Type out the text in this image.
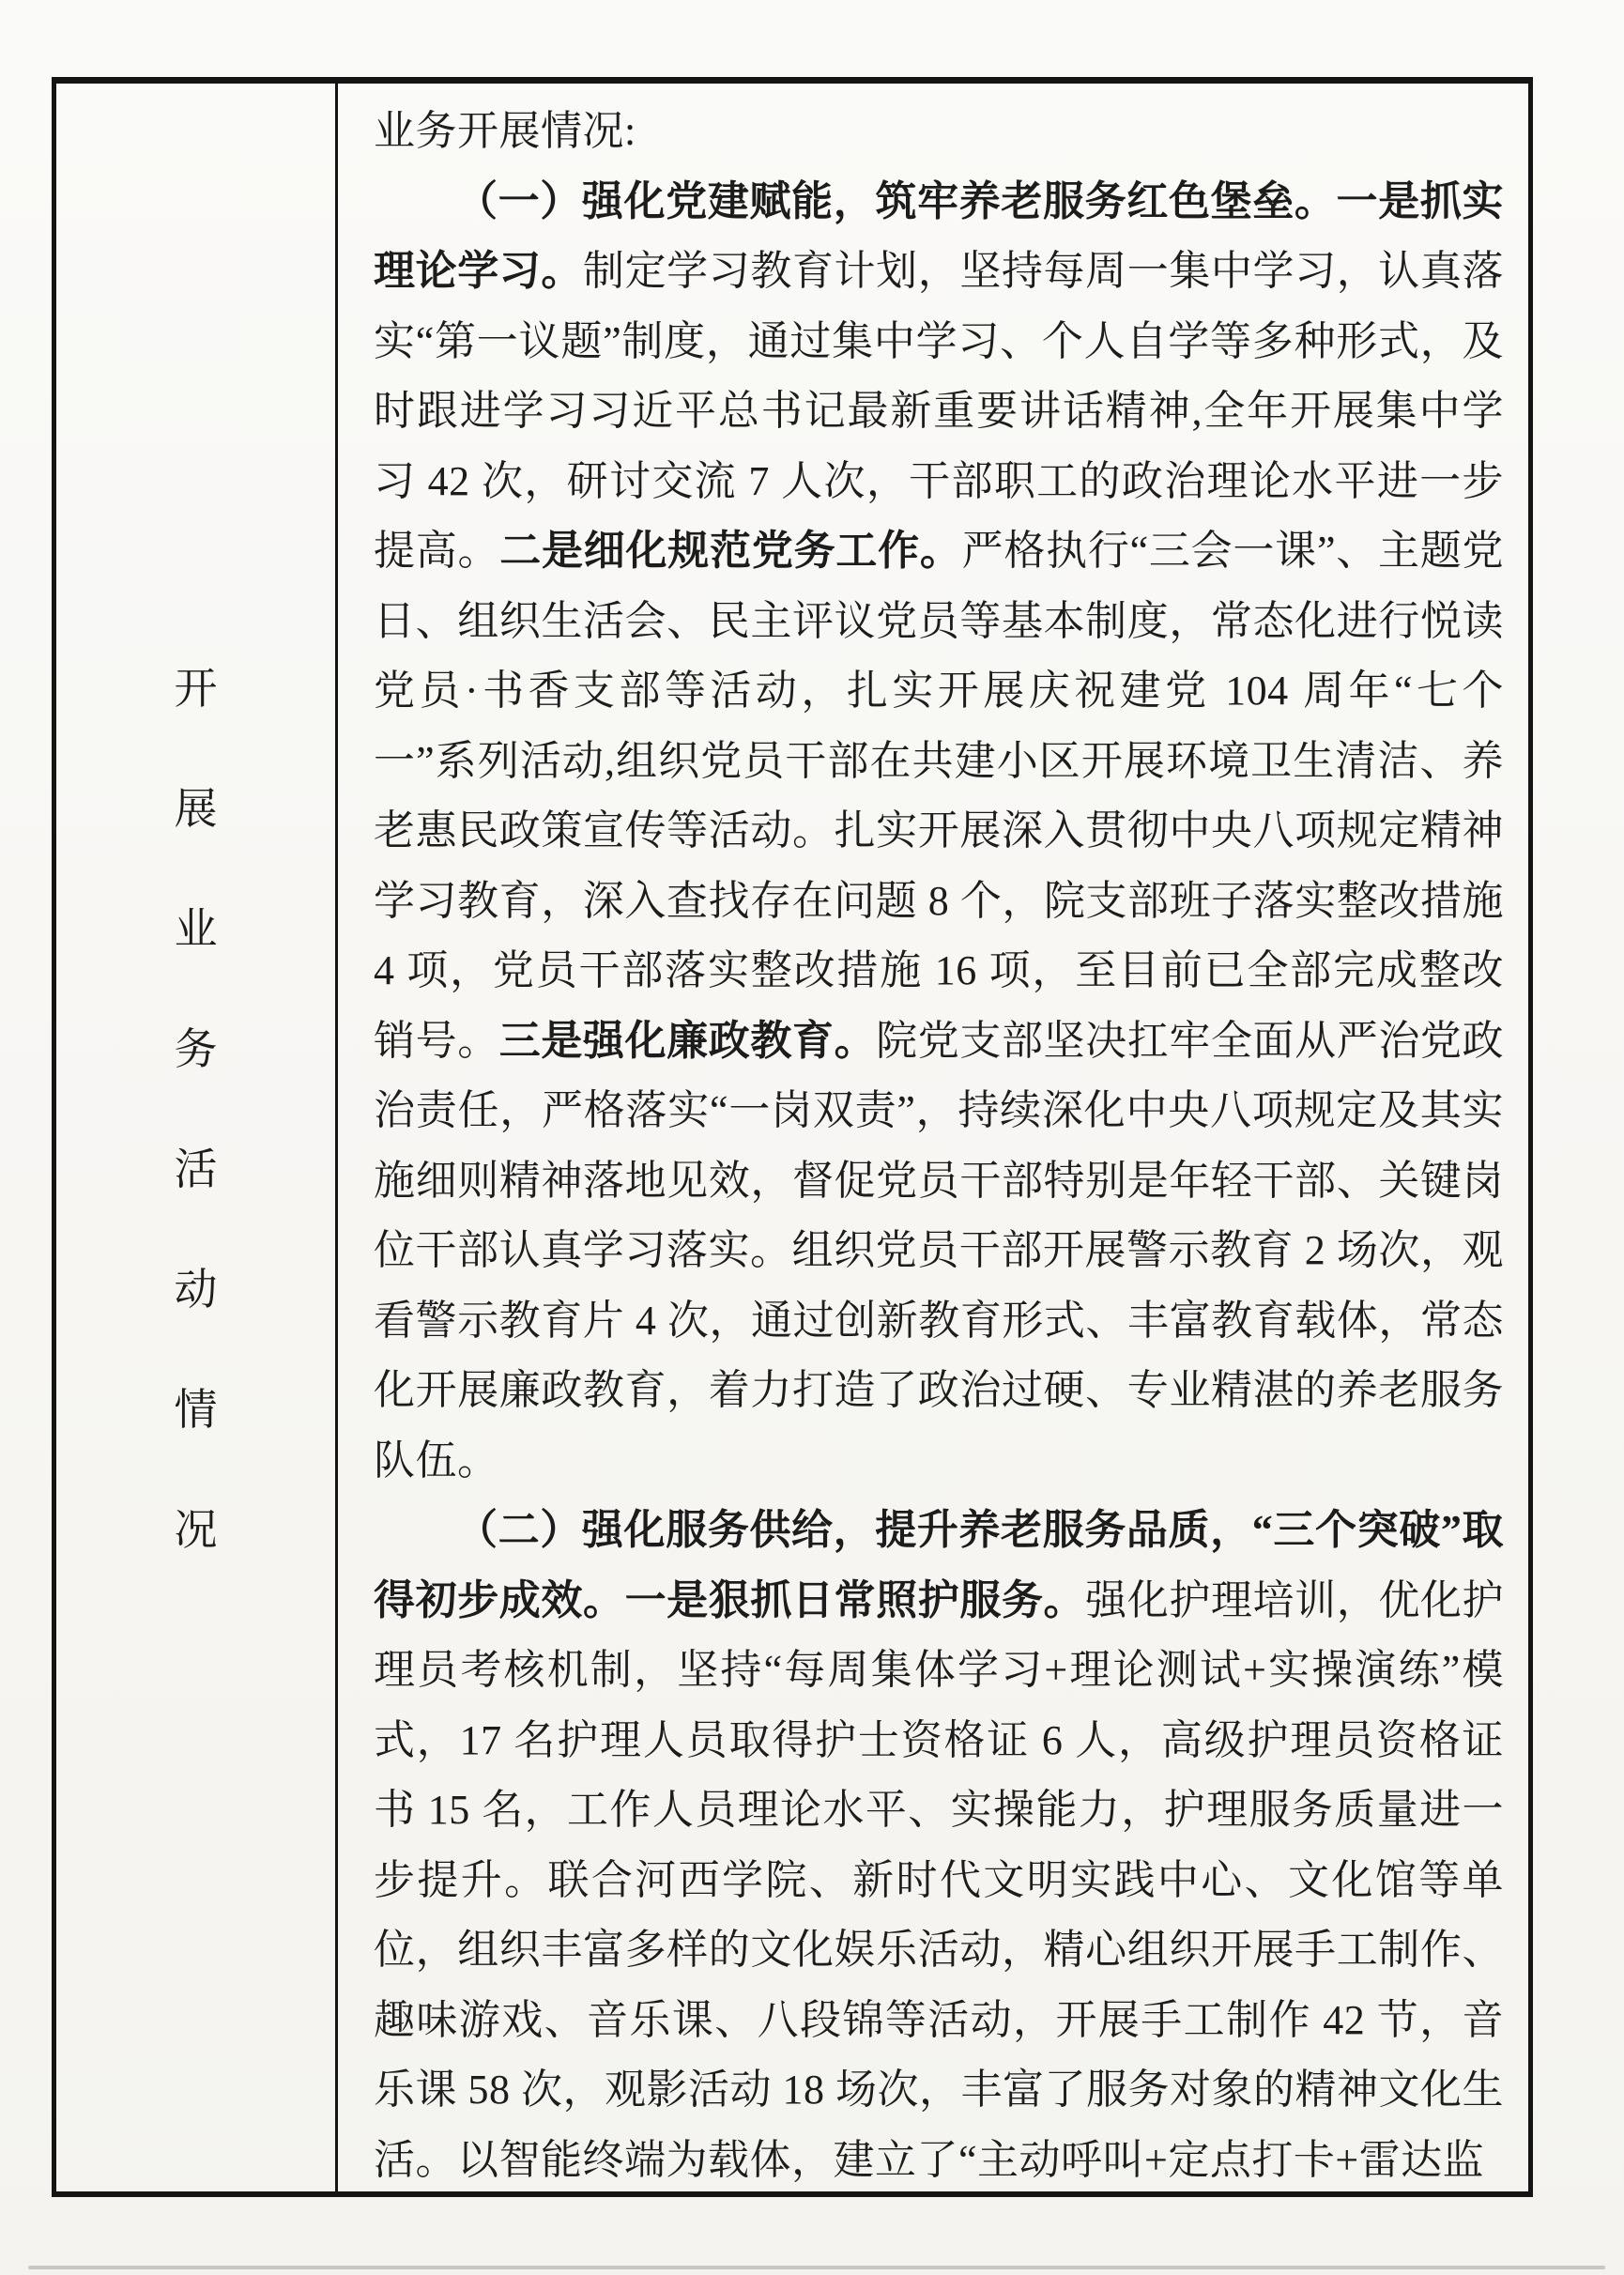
开
展
业
务
活
动
情
况
业务开展情况:

（一）强化党建赋能，筑牢养老服务红色堡垒。一是抓实理论学习。制定学习教育计划，坚持每周一集中学习，认真落实“第一议题”制度，通过集中学习、个人自学等多种形式，及时跟进学习习近平总书记最新重要讲话精神,全年开展集中学习 42 次，研讨交流 7 人次，干部职工的政治理论水平进一步提高。二是细化规范党务工作。严格执行“三会一课”、主题党日、组织生活会、民主评议党员等基本制度，常态化进行悦读党员·书香支部等活动，扎实开展庆祝建党 104 周年“七个一”系列活动,组织党员干部在共建小区开展环境卫生清洁、养老惠民政策宣传等活动。扎实开展深入贯彻中央八项规定精神学习教育，深入查找存在问题 8 个，院支部班子落实整改措施 4 项，党员干部落实整改措施 16 项，至目前已全部完成整改销号。三是强化廉政教育。院党支部坚决扛牢全面从严治党政治责任，严格落实“一岗双责”，持续深化中央八项规定及其实施细则精神落地见效，督促党员干部特别是年轻干部、关键岗位干部认真学习落实。组织党员干部开展警示教育 2 场次，观看警示教育片 4 次，通过创新教育形式、丰富教育载体，常态化开展廉政教育，着力打造了政治过硬、专业精湛的养老服务队伍。

（二）强化服务供给，提升养老服务品质，“三个突破”取得初步成效。一是狠抓日常照护服务。强化护理培训，优化护理员考核机制，坚持“每周集体学习+理论测试+实操演练”模式，17 名护理人员取得护士资格证 6 人，高级护理员资格证书 15 名，工作人员理论水平、实操能力，护理服务质量进一步提升。联合河西学院、新时代文明实践中心、文化馆等单位，组织丰富多样的文化娱乐活动，精心组织开展手工制作、趣味游戏、音乐课、八段锦等活动，开展手工制作 42 节，音乐课 58 次，观影活动 18 场次，丰富了服务对象的精神文化生活。以智能终端为载体，建立了“主动呼叫+定点打卡+雷达监
